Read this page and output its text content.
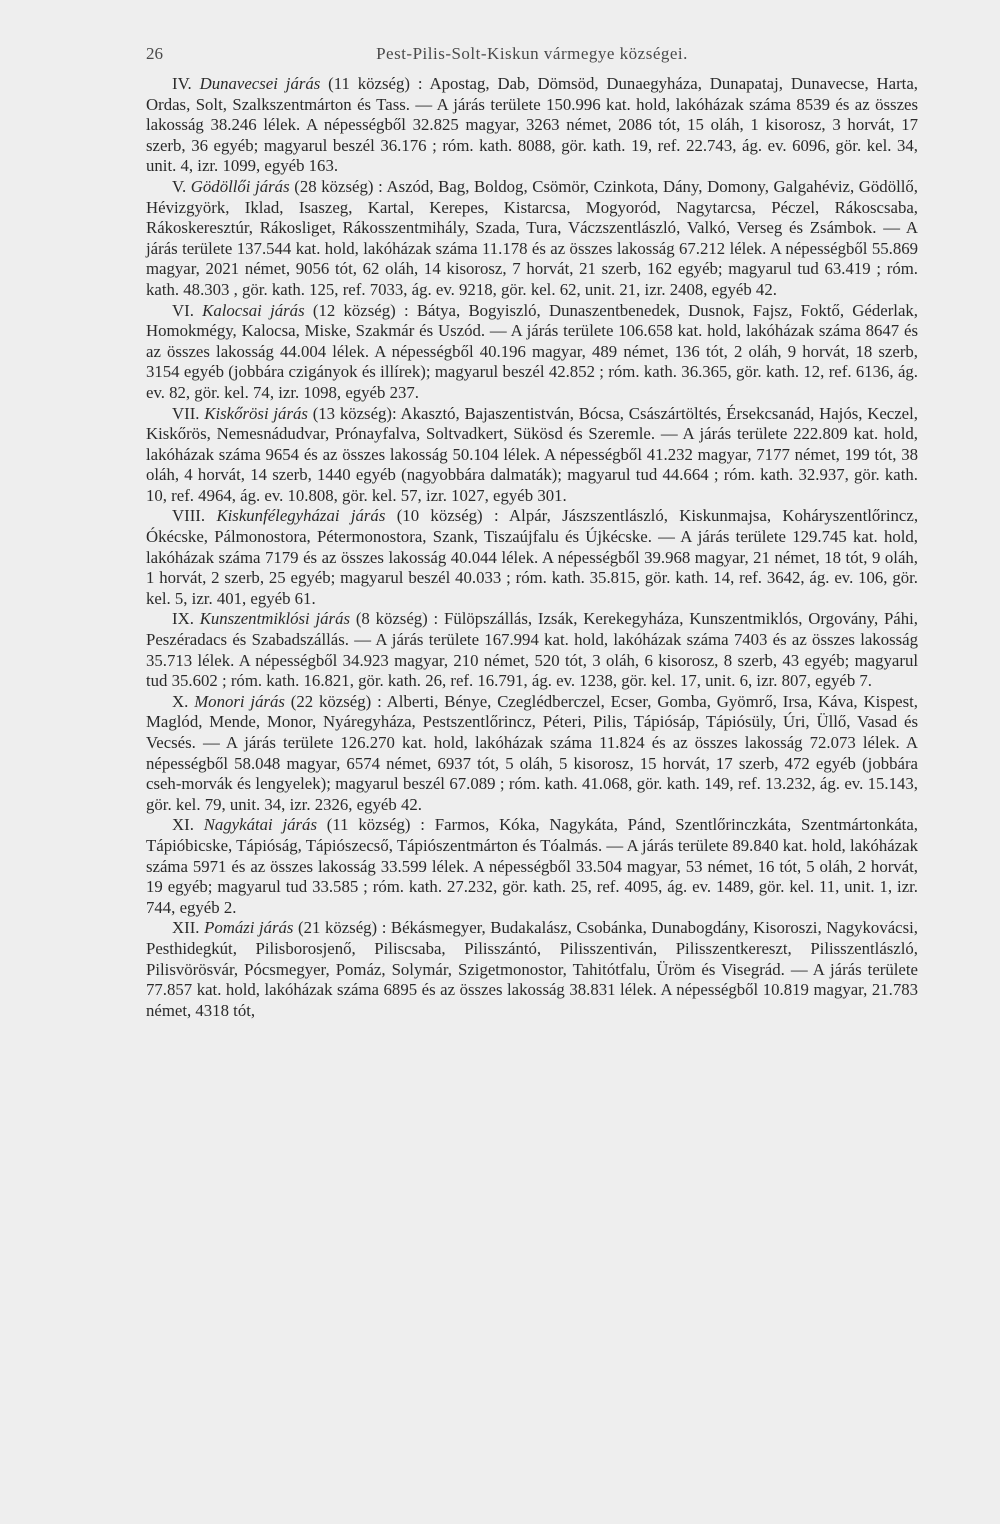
26	Pest-Pilis-Solt-Kiskun vármegye községei.

IV. Dunavecsei járás (11 község) : Apostag, Dab, Dömsöd, Dunaegyháza, Dunapataj, Dunavecse, Harta, Ordas, Solt, Szalkszentmárton és Tass. — A járás területe 150.996 kat. hold, lakóházak száma 8539 és az összes lakosság 38.246 lélek. A népességből 32.825 magyar, 3263 német, 2086 tót, 15 oláh, 1 kisorosz, 3 horvát, 17 szerb, 36 egyéb; magyarul beszél 36.176 ; róm. kath. 8088, gör. kath. 19, ref. 22.743, ág. ev. 6096, gör. kel. 34, unit. 4, izr. 1099, egyéb 163.

V. Gödöllői járás (28 község) : Aszód, Bag, Boldog, Csömör, Czinkota, Dány, Domony, Galgahéviz, Gödöllő, Hévizgyörk, Iklad, Isaszeg, Kartal, Kerepes, Kistarcsa, Mogyoród, Nagytarcsa, Péczel, Rákoscsaba, Rákoskeresztúr, Rákosliget, Rákosszentmihály, Szada, Tura, Váczszentlászló, Valkó, Verseg és Zsámbok. — A járás területe 137.544 kat. hold, lakóházak száma 11.178 és az összes lakosság 67.212 lélek. A népességből 55.869 magyar, 2021 német, 9056 tót, 62 oláh, 14 kisorosz, 7 horvát, 21 szerb, 162 egyéb; magyarul tud 63.419 ; róm. kath. 48.303 , gör. kath. 125, ref. 7033, ág. ev. 9218, gör. kel. 62, unit. 21, izr. 2408, egyéb 42.

VI. Kalocsai járás (12 község) : Bátya, Bogyiszló, Dunaszentbenedek, Dusnok, Fajsz, Foktő, Géderlak, Homokmégy, Kalocsa, Miske, Szakmár és Uszód. — A járás területe 106.658 kat. hold, lakóházak száma 8647 és az összes lakosság 44.004 lélek. A népességből 40.196 magyar, 489 német, 136 tót, 2 oláh, 9 horvát, 18 szerb, 3154 egyéb (jobbára czigányok és illírek); magyarul beszél 42.852 ; róm. kath. 36.365, gör. kath. 12, ref. 6136, ág. ev. 82, gör. kel. 74, izr. 1098, egyéb 237.

VII. Kiskőrösi járás (13 község): Akasztó, Bajaszentistván, Bócsa, Császártöltés, Érsekcsanád, Hajós, Keczel, Kiskőrös, Nemesnádudvar, Prónayfalva, Soltvadkert, Sükösd és Szeremle. — A járás területe 222.809 kat. hold, lakóházak száma 9654 és az összes lakosság 50.104 lélek. A népességből 41.232 magyar, 7177 német, 199 tót, 38 oláh, 4 horvát, 14 szerb, 1440 egyéb (nagyobbára dalmaták); magyarul tud 44.664 ; róm. kath. 32.937, gör. kath. 10, ref. 4964, ág. ev. 10.808, gör. kel. 57, izr. 1027, egyéb 301.

VIII. Kiskunfélegyházai járás (10 község) : Alpár, Jászszentlászló, Kiskunmajsa, Koháryszentlőrincz, Ókécske, Pálmonostora, Pétermonostora, Szank, Tiszaújfalu és Újkécske. — A járás területe 129.745 kat. hold, lakóházak száma 7179 és az összes lakosság 40.044 lélek. A népességből 39.968 magyar, 21 német, 18 tót, 9 oláh, 1 horvát, 2 szerb, 25 egyéb; magyarul beszél 40.033 ; róm. kath. 35.815, gör. kath. 14, ref. 3642, ág. ev. 106, gör. kel. 5, izr. 401, egyéb 61.

IX. Kunszentmiklósi járás (8 község) : Fülöpszállás, Izsák, Kerekegyháza, Kunszentmiklós, Orgovány, Páhi, Peszéradacs és Szabadszállás. — A járás területe 167.994 kat. hold, lakóházak száma 7403 és az összes lakosság 35.713 lélek. A népességből 34.923 magyar, 210 német, 520 tót, 3 oláh, 6 kisorosz, 8 szerb, 43 egyéb; magyarul tud 35.602 ; róm. kath. 16.821, gör. kath. 26, ref. 16.791, ág. ev. 1238, gör. kel. 17, unit. 6, izr. 807, egyéb 7.

X. Monori járás (22 község) : Alberti, Bénye, Czeglédberczel, Ecser, Gomba, Gyömrő, Irsa, Káva, Kispest, Maglód, Mende, Monor, Nyáregyháza, Pestszentlőrincz, Péteri, Pilis, Tápiósáp, Tápiósüly, Úri, Üllő, Vasad és Vecsés. — A járás területe 126.270 kat. hold, lakóházak száma 11.824 és az összes lakosság 72.073 lélek. A népességből 58.048 magyar, 6574 német, 6937 tót, 5 oláh, 5 kisorosz, 15 horvát, 17 szerb, 472 egyéb (jobbára cseh-morvák és lengyelek); magyarul beszél 67.089 ; róm. kath. 41.068, gör. kath. 149, ref. 13.232, ág. ev. 15.143, gör. kel. 79, unit. 34, izr. 2326, egyéb 42.

XI. Nagykátai járás (11 község) : Farmos, Kóka, Nagykáta, Pánd, Szentlőrinczkáta, Szentmártonkáta, Tápióbicske, Tápióság, Tápiószecső, Tápiószentmárton és Tóalmás. — A járás területe 89.840 kat. hold, lakóházak száma 5971 és az összes lakosság 33.599 lélek. A népességből 33.504 magyar, 53 német, 16 tót, 5 oláh, 2 horvát, 19 egyéb; magyarul tud 33.585 ; róm. kath. 27.232, gör. kath. 25, ref. 4095, ág. ev. 1489, gör. kel. 11, unit. 1, izr. 744, egyéb 2.

XII. Pomázi járás (21 község) : Békásmegyer, Budakalász, Csobánka, Dunabogdány, Kisoroszi, Nagykovácsi, Pesthidegkút, Pilisborosjenő, Piliscsaba, Pilisszántó, Pilisszentiván, Pilisszentkereszt, Pilisszentlászló, Pilisvörösvár, Pócsmegyer, Pomáz, Solymár, Szigetmonostor, Tahitótfalu, Üröm és Visegrád. — A járás területe 77.857 kat. hold, lakóházak száma 6895 és az összes lakosság 38.831 lélek. A népességből 10.819 magyar, 21.783 német, 4318 tót,
